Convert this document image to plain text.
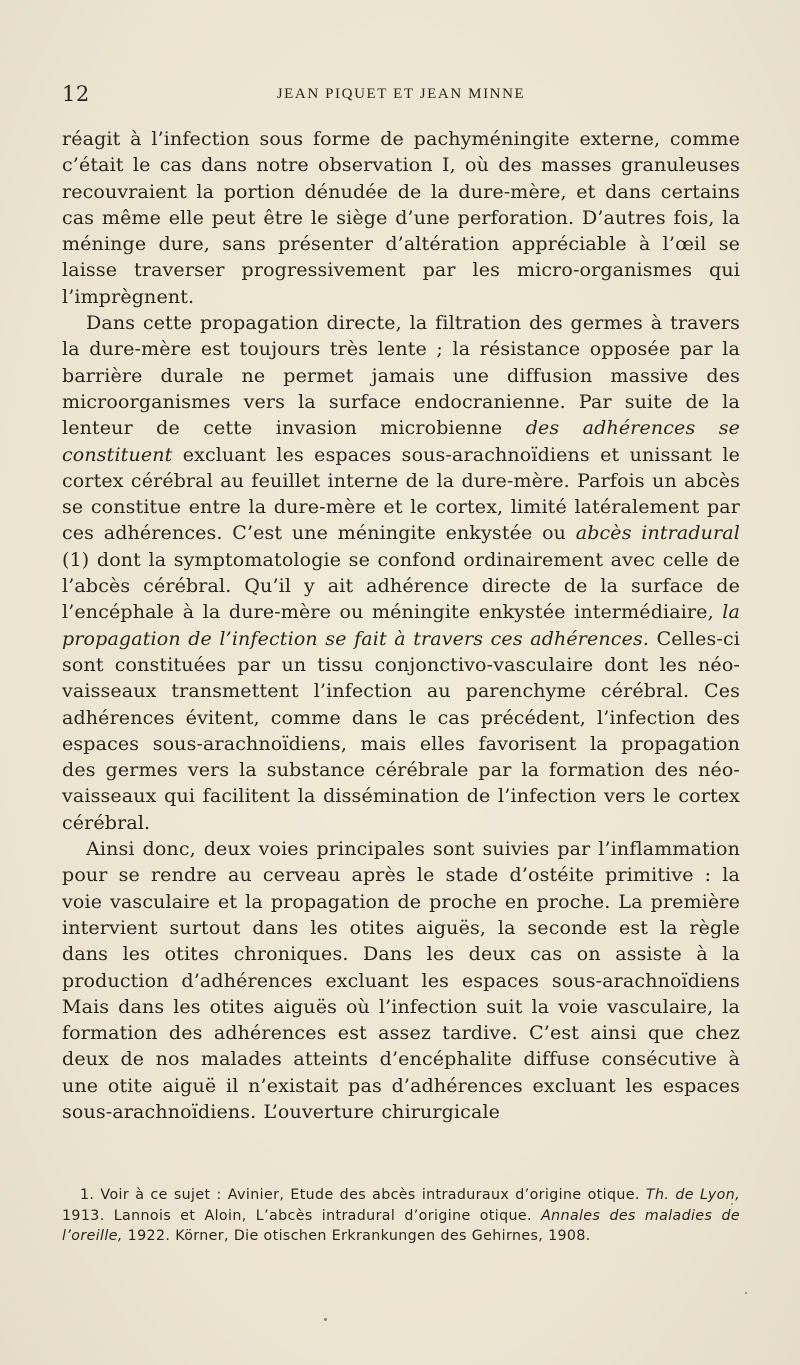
12	JEAN PIQUET ET JEAN MINNE

réagit à l’infection sous forme de pachyméningite externe, comme c’était le cas dans notre observation I, où des masses granuleuses recouvraient la portion dénudée de la dure-mère, et dans certains cas même elle peut être le siège d’une perforation. D’autres fois, la méninge dure, sans présenter d’altération appréciable à l’œil se laisse traverser progressivement par les micro-organismes qui l’imprègnent.

Dans cette propagation directe, la filtration des germes à travers la dure-mère est toujours très lente ; la résistance opposée par la barrière durale ne permet jamais une diffusion massive des microorganismes vers la surface endocranienne. Par suite de la lenteur de cette invasion microbienne des adhérences se constituent excluant les espaces sous-arachnoïdiens et unissant le cortex cérébral au feuillet interne de la dure-mère. Parfois un abcès se constitue entre la dure-mère et le cortex, limité latéralement par ces adhérences. C’est une méningite enkystée ou abcès intradural (1) dont la symptomatologie se confond ordinairement avec celle de l’abcès cérébral. Qu’il y ait adhérence directe de la surface de l’encéphale à la dure-mère ou méningite enkystée intermédiaire, la propagation de l’infection se fait à travers ces adhérences. Celles-ci sont constituées par un tissu conjonctivo-vasculaire dont les néo-vaisseaux transmettent l’infection au parenchyme cérébral. Ces adhérences évitent, comme dans le cas précédent, l’infection des espaces sous-arachnoïdiens, mais elles favorisent la propagation des germes vers la substance cérébrale par la formation des néo-vaisseaux qui facilitent la dissémination de l’infection vers le cortex cérébral.

Ainsi donc, deux voies principales sont suivies par l’inflammation pour se rendre au cerveau après le stade d’ostéite primitive : la voie vasculaire et la propagation de proche en proche. La première intervient surtout dans les otites aiguës, la seconde est la règle dans les otites chroniques. Dans les deux cas on assiste à la production d’adhérences excluant les espaces sous-arachnoïdiens Mais dans les otites aiguës où l’infection suit la voie vasculaire, la formation des adhérences est assez tardive. C’est ainsi que chez deux de nos malades atteints d’encéphalite diffuse consécutive à une otite aiguë il n’existait pas d’adhérences excluant les espaces sous-arachnoïdiens. L’ouverture chirurgicale

1. Voir à ce sujet : Avinier, Etude des abcès intraduraux d’origine otique. Th. de Lyon, 1913. Lannois et Aloin, L’abcès intradural d’origine otique. Annales des maladies de l’oreille, 1922. Körner, Die otischen Erkrankungen des Gehirnes, 1908.
